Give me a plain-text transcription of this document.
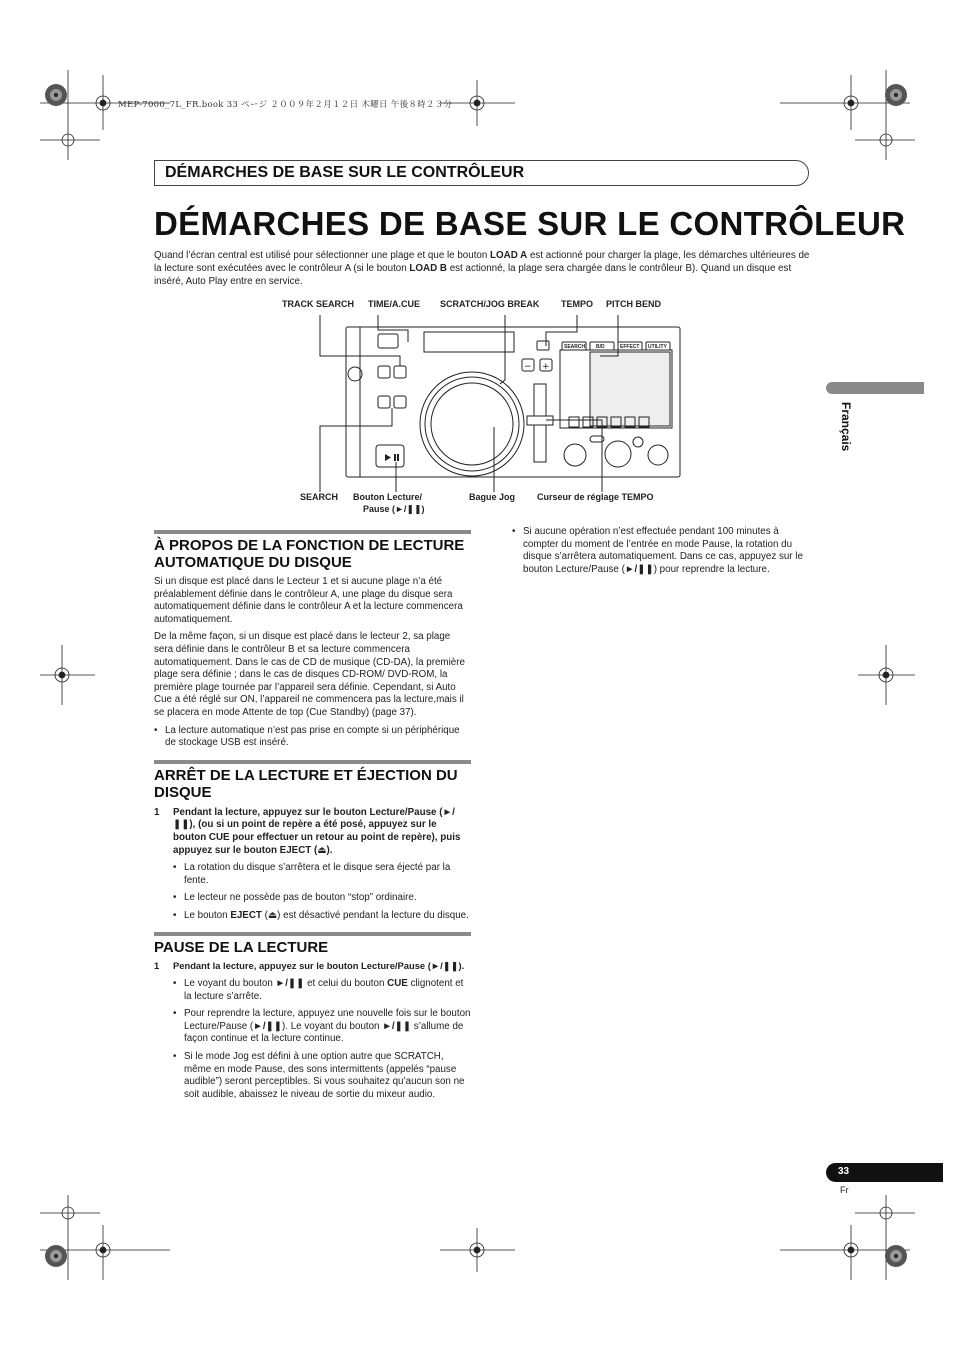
MEP-7000_7L_FR.book 33 ページ ２００９年２月１２日 木曜日 午後８時２３分
DÉMARCHES DE BASE SUR LE CONTRÔLEUR
DÉMARCHES DE BASE SUR LE CONTRÔLEUR
Quand l’écran central est utilisé pour sélectionner une plage et que le bouton LOAD A est actionné pour charger la plage, les démarches ultérieures de la lecture sont exécutées avec le contrôleur A (si le bouton LOAD B est actionné, la plage sera chargée dans le contrôleur B). Quand un disque est inséré, Auto Play entre en service.
Français
TRACK SEARCH TIME/A.CUE SCRATCH/JOG BREAK TEMPO PITCH BEND
SEARCH Bouton Lecture/
Pause (►/❚❚)
Bague Jog Curseur de réglage TEMPO
SEARCH B/D	EFFECT UTILITY
− +
À PROPOS DE LA FONCTION DE LECTURE AUTOMATIQUE DU DISQUE

Si un disque est placé dans le Lecteur 1 et si aucune plage n’a été préalablement définie dans le contrôleur A, une plage du disque sera automatiquement définie dans le contrôleur A et la lecture commencera automatiquement.

De la même façon, si un disque est placé dans le lecteur 2, sa plage sera définie dans le contrôleur B et sa lecture commencera automatiquement. Dans le cas de CD de musique (CD-DA), la première plage sera définie ; dans le cas de disques CD-ROM/ DVD-ROM, la première plage tournée par l’appareil sera définie. Cependant, si Auto Cue a été réglé sur ON, l’appareil ne commencera pas la lecture,mais il se placera en mode Attente de top (Cue Standby) (page 37).

• La lecture automatique n’est pas prise en compte si un périphérique de stockage USB est inséré.
ARRÊT DE LA LECTURE ET ÉJECTION DU DISQUE
1 Pendant la lecture, appuyez sur le bouton Lecture/Pause (►/❚❚), (ou si un point de repère a été posé, appuyez sur le bouton CUE pour effectuer un retour au point de repère), puis appuyez sur le bouton EJECT (⏏).
• La rotation du disque s’arrêtera et le disque sera éjecté par la fente.
• Le lecteur ne possède pas de bouton “stop” ordinaire.
• Le bouton EJECT (⏏) est désactivé pendant la lecture du disque.
PAUSE DE LA LECTURE
1 Pendant la lecture, appuyez sur le bouton Lecture/Pause (►/❚❚).
• Le voyant du bouton ►/❚❚ et celui du bouton CUE clignotent et la lecture s’arrête.
• Pour reprendre la lecture, appuyez une nouvelle fois sur le bouton Lecture/Pause (►/❚❚). Le voyant du bouton ►/❚❚ s’allume de façon continue et la lecture continue.
• Si le mode Jog est défini à une option autre que SCRATCH, même en mode Pause, des sons intermittents (appelés “pause audible”) seront perceptibles. Si vous souhaitez qu’aucun son ne soit audible, abaissez le niveau de sortie du mixeur audio.
• Si aucune opération n’est effectuée pendant 100 minutes à compter du moment de l’entrée en mode Pause, la rotation du disque s’arrêtera automatiquement. Dans ce cas, appuyez sur le bouton Lecture/Pause (►/❚❚) pour reprendre la lecture.
33
Fr
